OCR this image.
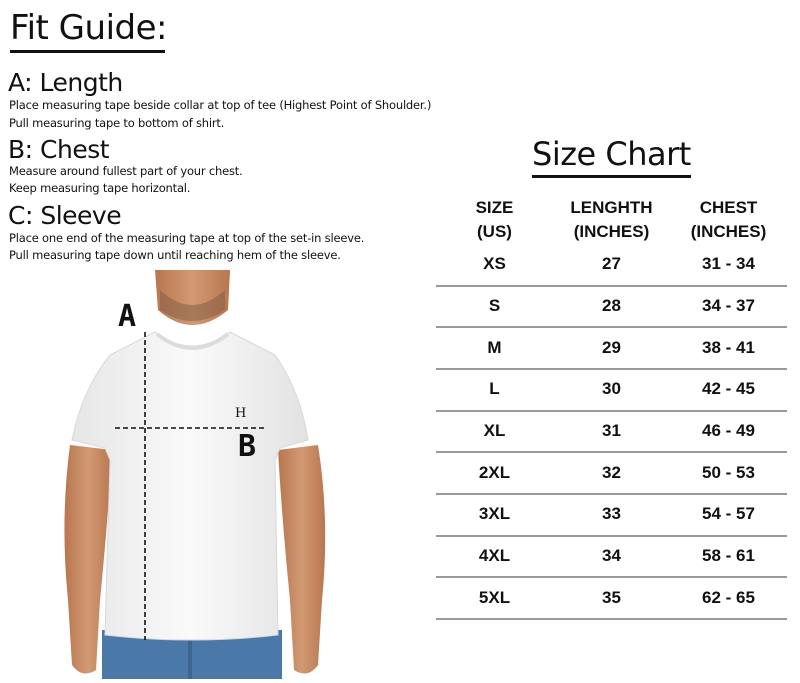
Fit Guide:
A: Length
Place measuring tape beside collar at top of tee (Highest Point of Shoulder.)
Pull measuring tape to bottom of shirt.
B: Chest
Measure around fullest part of your chest.
Keep measuring tape horizontal.
C: Sleeve
Place one end of the measuring tape at top of the set-in sleeve.
Pull measuring tape down until reaching hem of the sleeve.
A
H
B
Size Chart
SIZE
(US)
LENGHTH
(INCHES)
CHEST
(INCHES)
XS	27	31 - 34
S	28	34 - 37
M	29	38 - 41
L	30	42 - 45
XL	31	46 - 49
2XL	32	50 - 53
3XL	33	54 - 57
4XL	34	58 - 61
5XL	35	62 - 65
